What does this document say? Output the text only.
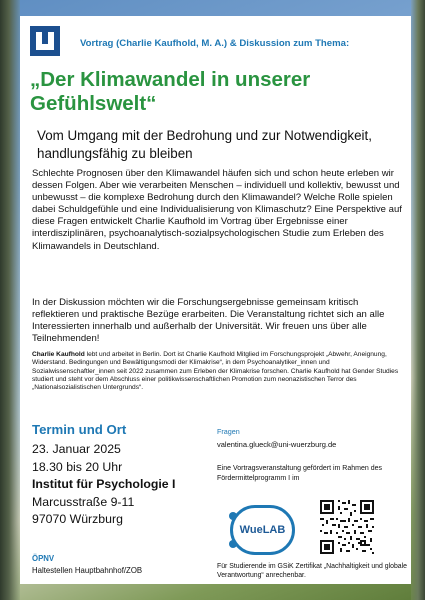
Vortrag (Charlie Kaufhold, M. A.) & Diskussion zum Thema:
„Der Klimawandel in unserer Gefühlswelt“
Vom Umgang mit der Bedrohung und zur Notwendigkeit, handlungsfähig zu bleiben
Schlechte Prognosen über den Klimawandel häufen sich und schon heute erleben wir dessen Folgen. Aber wie verarbeiten Menschen – individuell und kollektiv, bewusst und unbewusst – die komplexe Bedrohung durch den Klimawandel? Welche Rolle spielen dabei Schuldgefühle und eine Individualisierung von Klimaschutz? Eine Perspektive auf diese Fragen entwickelt Charlie Kaufhold im Vortrag über Ergebnisse einer interdisziplinären, psychoanalytisch-sozialpsychologischen Studie zum Erleben des Klimawandels in Deutschland.
In der Diskussion möchten wir die Forschungsergebnisse gemeinsam kritisch reflektieren und praktische Bezüge erarbeiten. Die Veranstaltung richtet sich an alle Interessierten innerhalb und außerhalb der Universität. Wir freuen uns über alle Teilnehmenden!
Charlie Kaufhold lebt und arbeitet in Berlin. Dort ist Charlie Kaufhold Mitglied im Forschungsprojekt „Abwehr, Aneignung, Widerstand. Bedingungen und Bewältigungsmodi der Klimakrise“, in dem Psychoanalytiker_innen und Sozialwissenschaftler_innen seit 2022 zusammen zum Erleben der Klimakrise forschen. Charlie Kaufhold hat Gender Studies studiert und steht vor dem Abschluss einer politikwissenschaftlichen Promotion zum neonazistischen Terror des „Nationalsozialistischen Untergrunds“.
Termin und Ort
23. Januar 2025
18.30 bis 20 Uhr
Institut für Psychologie I
Marcusstraße 9-11
97070 Würzburg
ÖPNV
Haltestellen Hauptbahnhof/ZOB
Fragen
valentina.glueck@uni-wuerzburg.de
Eine Vortragsveranstaltung gefördert im Rahmen des Fördermittelprogramm I im
WueLAB
Für Studierende im GSiK Zertifikat „Nachhaltigkeit und globale Verantwortung“ anrechenbar.
